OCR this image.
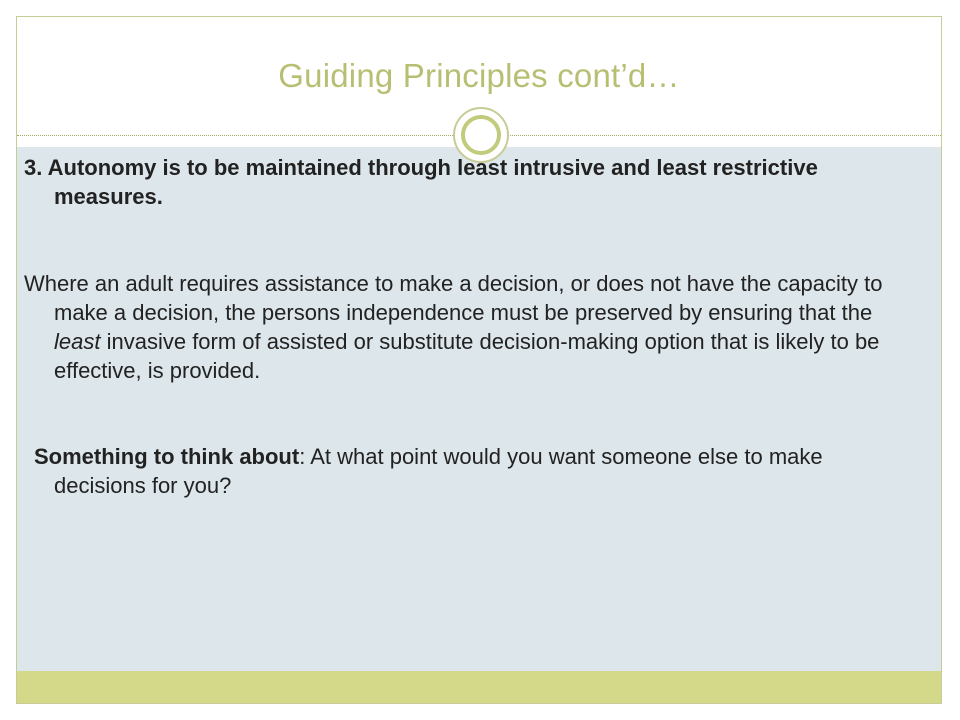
Guiding Principles cont’d…

3. Autonomy is to be maintained through least intrusive and least restrictive measures.

Where an adult requires assistance to make a decision, or does not have the capacity to make a decision, the persons independence must be preserved by ensuring that the least invasive form of assisted or substitute decision-making option that is likely to be effective, is provided.

Something to think about: At what point would you want someone else to make decisions for you?
